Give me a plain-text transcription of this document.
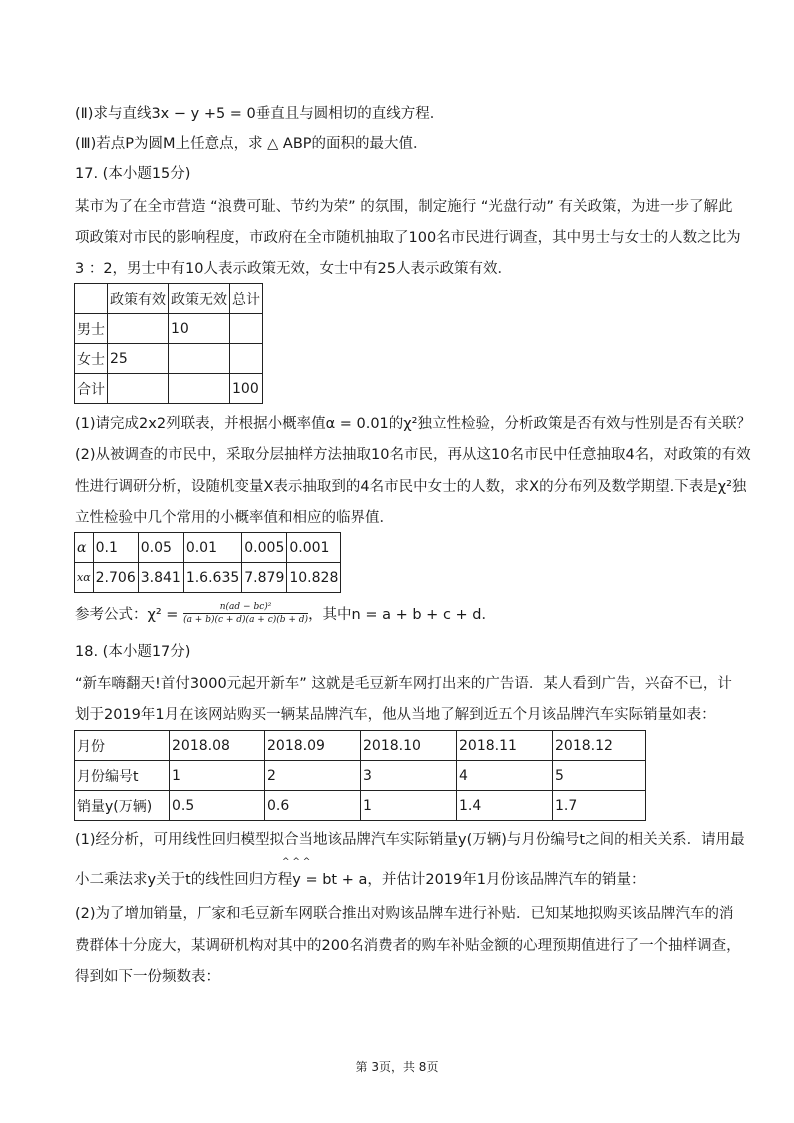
(Ⅱ)求与直线3x − y +5 = 0垂直且与圆相切的直线方程．
(Ⅲ)若点P为圆M上任意点，求 △ ABP的面积的最大值．
17. (本小题15分)
某市为了在全市营造 “浪费可耻、节约为荣” 的氛围，制定施行 “光盘行动” 有关政策，为进一步了解此
项政策对市民的影响程度，市政府在全市随机抽取了100名市民进行调查，其中男士与女士的人数之比为
3 ：2，男士中有10人表示政策无效，女士中有25人表示政策有效．
	政策有效	政策无效	总计
男士		10	
女士	25		
合计			100
(1)请完成2x2列联表，并根据小概率值α = 0.01的χ²独立性检验，分析政策是否有效与性别是否有关联？
(2)从被调查的市民中，采取分层抽样方法抽取10名市民，再从这10名市民中任意抽取4名，对政策的有效
性进行调研分析，设随机变量X表示抽取到的4名市民中女士的人数，求X的分布列及数学期望.下表是χ²独
立性检验中几个常用的小概率值和相应的临界值．
α	0.1	0.05	0.01	0.005	0.001
xα	2.706	3.841	1.6.635	7.879	10.828
参考公式：$\chi^2 = \frac{\text{n(ad − bc)²}}{(a + b)(c + d)(a + c)(b + d)}$ ，其中n = a + b + c + d．
18. (本小题17分)
“新车嗨翻天!首付3000元起开新车” 这就是毛豆新车网打出来的广告语．某人看到广告，兴奋不已，计
划于2019年1月在该网站购买一辆某品牌汽车，他从当地了解到近五个月该品牌汽车实际销量如表：
月份	2018.08	2018.09	2018.10	2018.11	2018.12
月份编号t	1	2	3	4	5
销量y(万辆)	0.5	0.6	1	1.4	1.7
(1)经分析，可用线性回归模型拟合当地该品牌汽车实际销量y(万辆)与月份编号t之间的相关关系．请用最
^ ^ ^
小二乘法求y关于t的线性回归方程y = bt + a，并估计2019年1月份该品牌汽车的销量：
(2)为了增加销量，厂家和毛豆新车网联合推出对购该品牌车进行补贴．已知某地拟购买该品牌汽车的消
费群体十分庞大，某调研机构对其中的200名消费者的购车补贴金额的心理预期值进行了一个抽样调查，
得到如下一份频数表：
第 3页，共 8页
